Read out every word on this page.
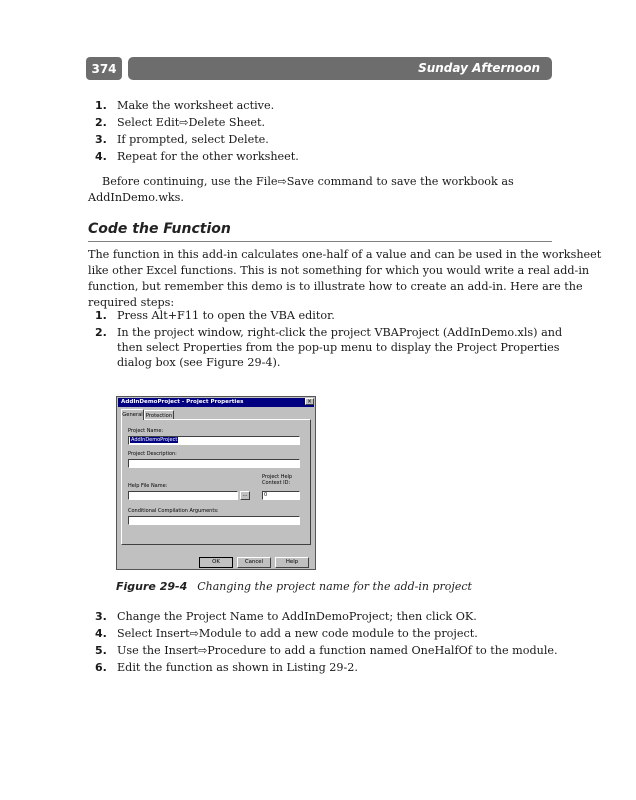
374	Sunday Afternoon
1. Make the worksheet active.
2. Select Edit⇨Delete Sheet.
3. If prompted, select Delete.
4. Repeat for the other worksheet.
Before continuing, use the File⇨Save command to save the workbook as
AddInDemo.wks.
Code the Function
The function in this add-in calculates one-half of a value and can be used in the worksheet
like other Excel functions. This is not something for which you would write a real add-in
function, but remember this demo is to illustrate how to create an add-in. Here are the
required steps:
1. Press Alt+F11 to open the VBA editor.
2. In the project window, right-click the project VBAProject (AddInDemo.xls) and
then select Properties from the pop-up menu to display the Project Properties
dialog box (see Figure 29-4).
AddInDemoProject - Project Properties	×
General Protection
Project Name:
AddInDemoProject
Project Description:
Project Help Context ID:
Help File Name:
...	0
Conditional Compilation Arguments:
OK	Cancel	Help
Figure 29-4 Changing the project name for the add-in project
3. Change the Project Name to AddInDemoProject; then click OK.
4. Select Insert⇨Module to add a new code module to the project.
5. Use the Insert⇨Procedure to add a function named OneHalfOf to the module.
6. Edit the function as shown in Listing 29-2.
